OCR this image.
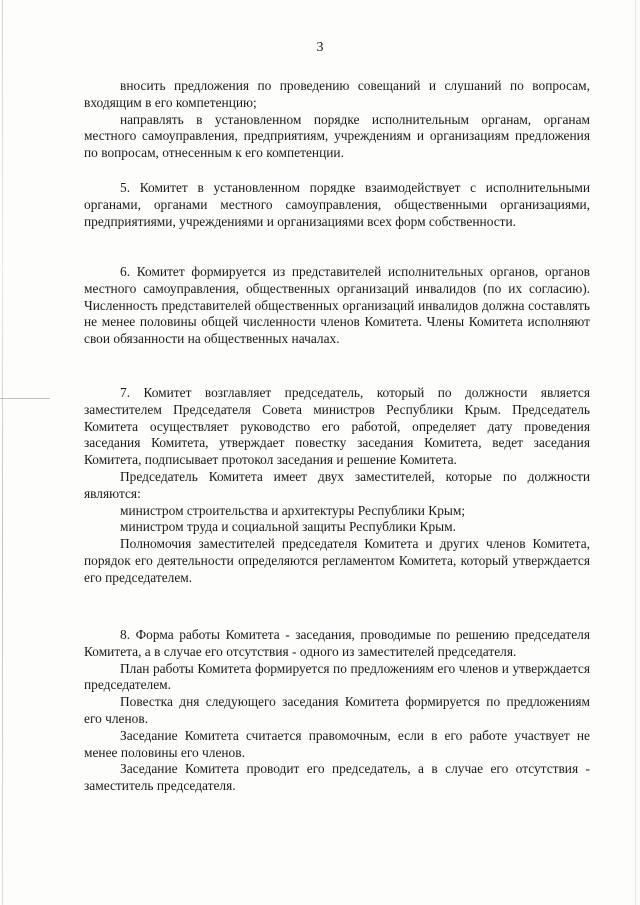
3

вносить предложения по проведению совещаний и слушаний по вопросам, входящим в его компетенцию;

направлять в установленном порядке исполнительным органам, органам местного самоуправления, предприятиям, учреждениям и организациям предложения по вопросам, отнесенным к его компетенции.

5. Комитет в установленном порядке взаимодействует с исполнительными органами, органами местного самоуправления, общественными организациями, предприятиями, учреждениями и организациями всех форм собственности.

6. Комитет формируется из представителей исполнительных органов, органов местного самоуправления, общественных организаций инвалидов (по их согласию). Численность представителей общественных организаций инвалидов должна составлять не менее половины общей численности членов Комитета. Члены Комитета исполняют свои обязанности на общественных началах.

7. Комитет возглавляет председатель, который по должности является заместителем Председателя Совета министров Республики Крым. Председатель Комитета осуществляет руководство его работой, определяет дату проведения заседания Комитета, утверждает повестку заседания Комитета, ведет заседания Комитета, подписывает протокол заседания и решение Комитета.

Председатель Комитета имеет двух заместителей, которые по должности являются:

министром строительства и архитектуры Республики Крым;

министром труда и социальной защиты Республики Крым.

Полномочия заместителей председателя Комитета и других членов Комитета, порядок его деятельности определяются регламентом Комитета, который утверждается его председателем.

8. Форма работы Комитета - заседания, проводимые по решению председателя Комитета, а в случае его отсутствия - одного из заместителей председателя.

План работы Комитета формируется по предложениям его членов и утверждается председателем.

Повестка дня следующего заседания Комитета формируется по предложениям его членов.

Заседание Комитета считается правомочным, если в его работе участвует не менее половины его членов.

Заседание Комитета проводит его председатель, а в случае его отсутствия - заместитель председателя.
